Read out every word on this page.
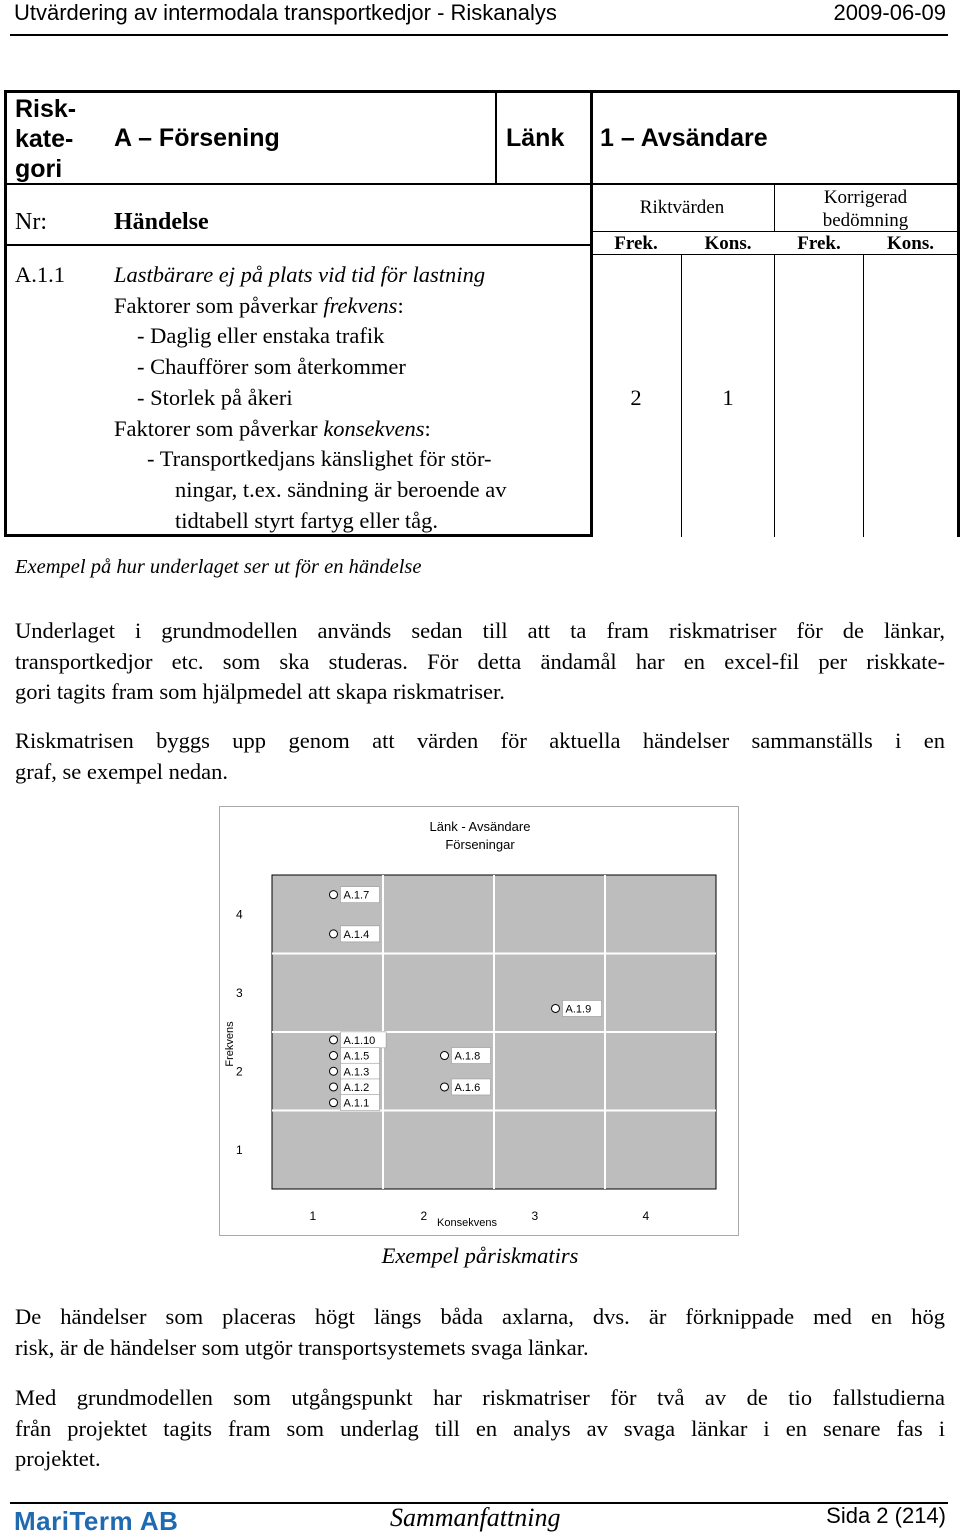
Utvärdering av intermodala transportkedjor - Riskanalys	2009-06-09
Risk-
kate-
gori
A – Försening	Länk 1 – Avsändare
Nr:	Händelse
Riktvärden	Korrigerad
bedömning
Frek.	Kons.	Frek.	Kons.
A.1.1 Lastbärare ej på plats vid tid för lastning
Faktorer som påverkar frekvens:
- Daglig eller enstaka trafik
- Chaufförer som återkommer
- Storlek på åkeri
Faktorer som påverkar konsekvens:
- Transportkedjans känslighet för stör-
ningar, t.ex. sändning är beroende av
tidtabell styrt fartyg eller tåg.
2	1
Exempel på hur underlaget ser ut för en händelse
Underlaget i grundmodellen används sedan till att ta fram riskmatriser för de länkar,
transportkedjor etc. som ska studeras. För detta ändamål har en excel-fil per riskkate-
gori tagits fram som hjälpmedel att skapa riskmatriser.
Riskmatrisen byggs upp genom att värden för aktuella händelser sammanställs i en
graf, se exempel nedan.
Länk - Avsändare
Förseningar
1
2
3
4
1	2	3	4
Konsekvens
Frekvens
A.1.7
A.1.4
A.1.9
A.1.10
A.1.5
A.1.3
A.1.2
A.1.1
A.1.8
A.1.6
Exempel påriskmatirs
De händelser som placeras högt längs båda axlarna, dvs. är förknippade med en hög
risk, är de händelser som utgör transportsystemets svaga länkar.
Med grundmodellen som utgångspunkt har riskmatriser för två av de tio fallstudierna
från projektet tagits fram som underlag till en analys av svaga länkar i en senare fas i
projektet.
MariTerm AB	Sammanfattning	Sida 2 (214)
